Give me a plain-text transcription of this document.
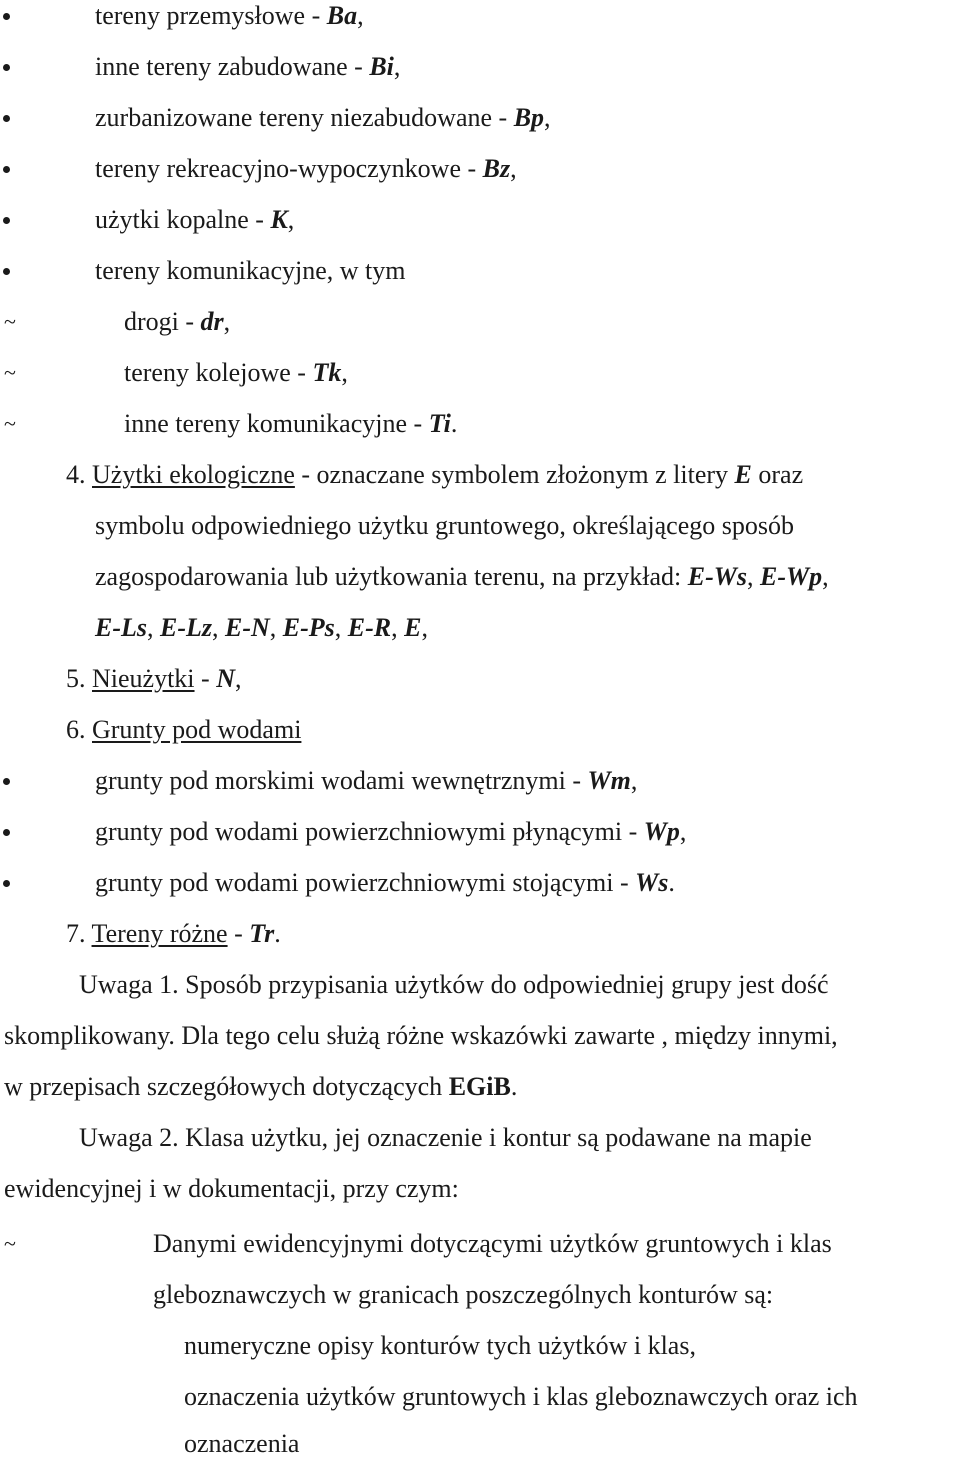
tereny przemysłowe - Ba,
inne tereny zabudowane - Bi,
zurbanizowane tereny niezabudowane - Bp,
tereny rekreacyjno-wypoczynkowe - Bz,
użytki kopalne - K,
tereny komunikacyjne, w tym
~	drogi - dr,
~	tereny kolejowe - Tk,
~	inne tereny komunikacyjne - Ti.
4. Użytki ekologiczne - oznaczane symbolem złożonym z litery E oraz
symbolu odpowiedniego użytku gruntowego, określającego sposób
zagospodarowania lub użytkowania terenu, na przykład: E-Ws, E-Wp,
E-Ls, E-Lz, E-N, E-Ps, E-R, E,
5. Nieużytki - N,
6. Grunty pod wodami
grunty pod morskimi wodami wewnętrznymi - Wm,
grunty pod wodami powierzchniowymi płynącymi - Wp,
grunty pod wodami powierzchniowymi stojącymi - Ws.
7. Tereny różne - Tr.
Uwaga 1. Sposób przypisania użytków do odpowiedniej grupy jest dość
skomplikowany. Dla tego celu służą różne wskazówki zawarte , między innymi,
w przepisach szczegółowych dotyczących EGiB.
Uwaga 2. Klasa użytku, jej oznaczenie i kontur są podawane na mapie
ewidencyjnej i w dokumentacji, przy czym:
~	Danymi ewidencyjnymi dotyczącymi użytków gruntowych i klas
gleboznawczych w granicach poszczególnych konturów są:
numeryczne opisy konturów tych użytków i klas,
oznaczenia użytków gruntowych i klas gleboznawczych oraz ich
oznaczenia
